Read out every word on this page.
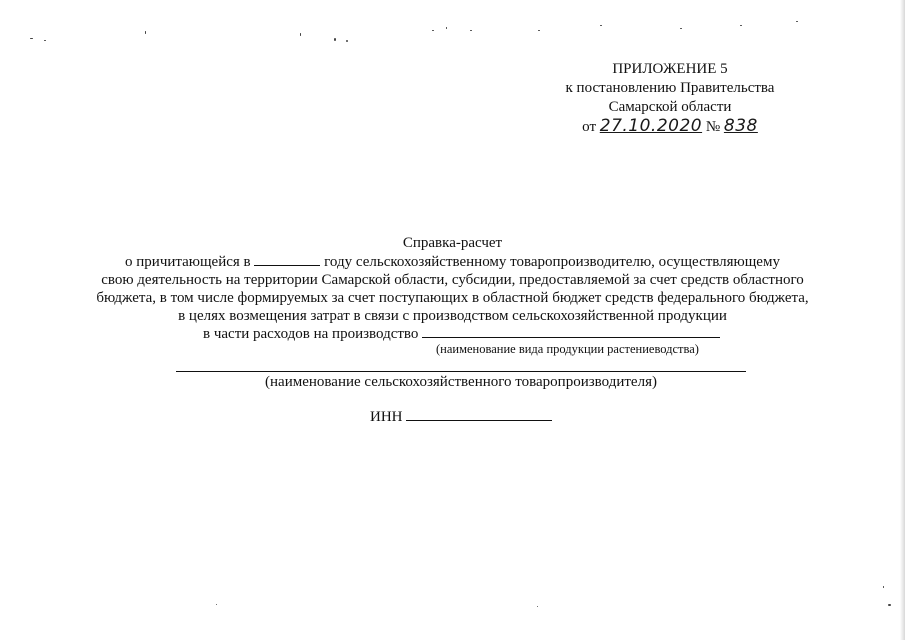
ПРИЛОЖЕНИЕ 5
к постановлению Правительства
Самарской области
от 27.10.2020 № 838
Справка-расчет
о причитающейся в	году сельскохозяйственному товаропроизводителю, осуществляющему
свою деятельность на территории Самарской области, субсидии, предоставляемой за счет средств областного
бюджета, в том числе формируемых за счет поступающих в областной бюджет средств федерального бюджета,
в целях возмещения затрат в связи с производством сельскохозяйственной продукции
в части расходов на производство
(наименование вида продукции растениеводства)
(наименование сельскохозяйственного товаропроизводителя)
ИНН
